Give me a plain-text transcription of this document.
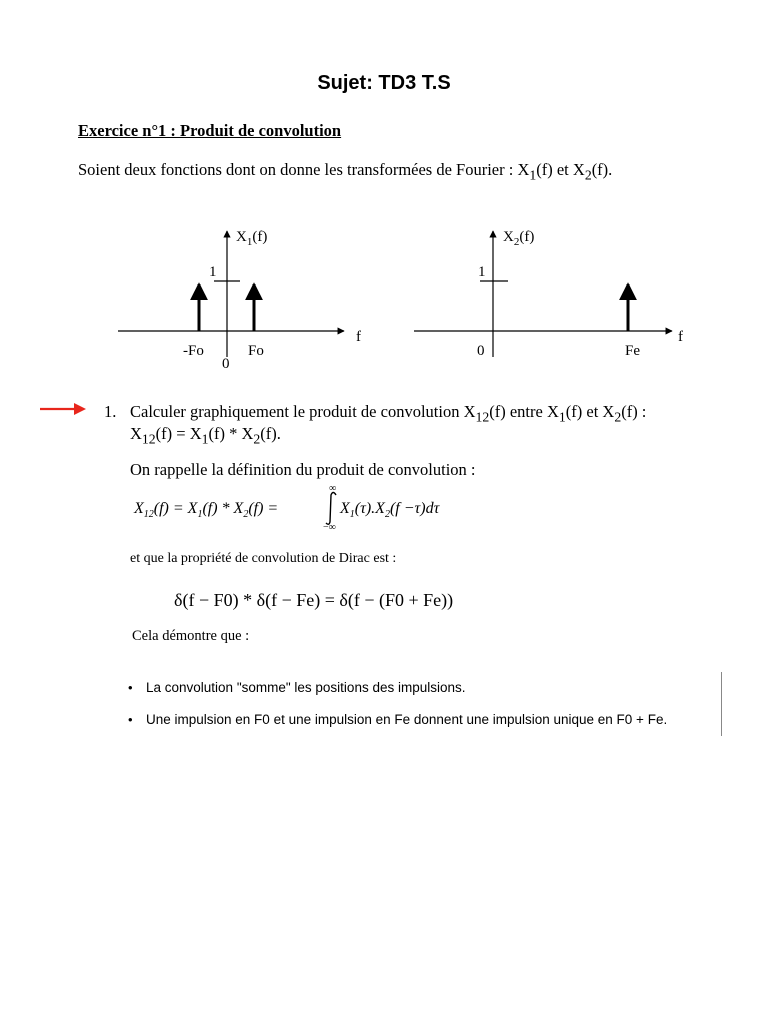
Sujet: TD3 T.S
Exercice n°1 : Produit de convolution
Soient deux fonctions dont on donne les transformées de Fourier : $X_1(f)$ et $X_2(f)$.
$X_1(f)$
1
f
-Fo
0
Fo
$X_2(f)$
1
f
0	Fe
1. Calculer graphiquement le produit de convolution $X_{12}(f)$ entre $X_1(f)$ et $X_2(f)$ :
$X_{12}(f) = X_1(f) * X_2(f)$.
On rappelle la définition du produit de convolution :
$X_{12}(f) = X_1(f) * X_2(f)$ =
∞
−∞
$X_1(\tau).X_2(f -\tau)d\tau$
et que la propriété de convolution de Dirac est :
δ(f − F0) * δ(f − Fe) = δ(f − (F0 + Fe))
Cela démontre que :
• La convolution "somme" les positions des impulsions.
• Une impulsion en F0 et une impulsion en Fe donnent une impulsion unique en F0 + Fe.
